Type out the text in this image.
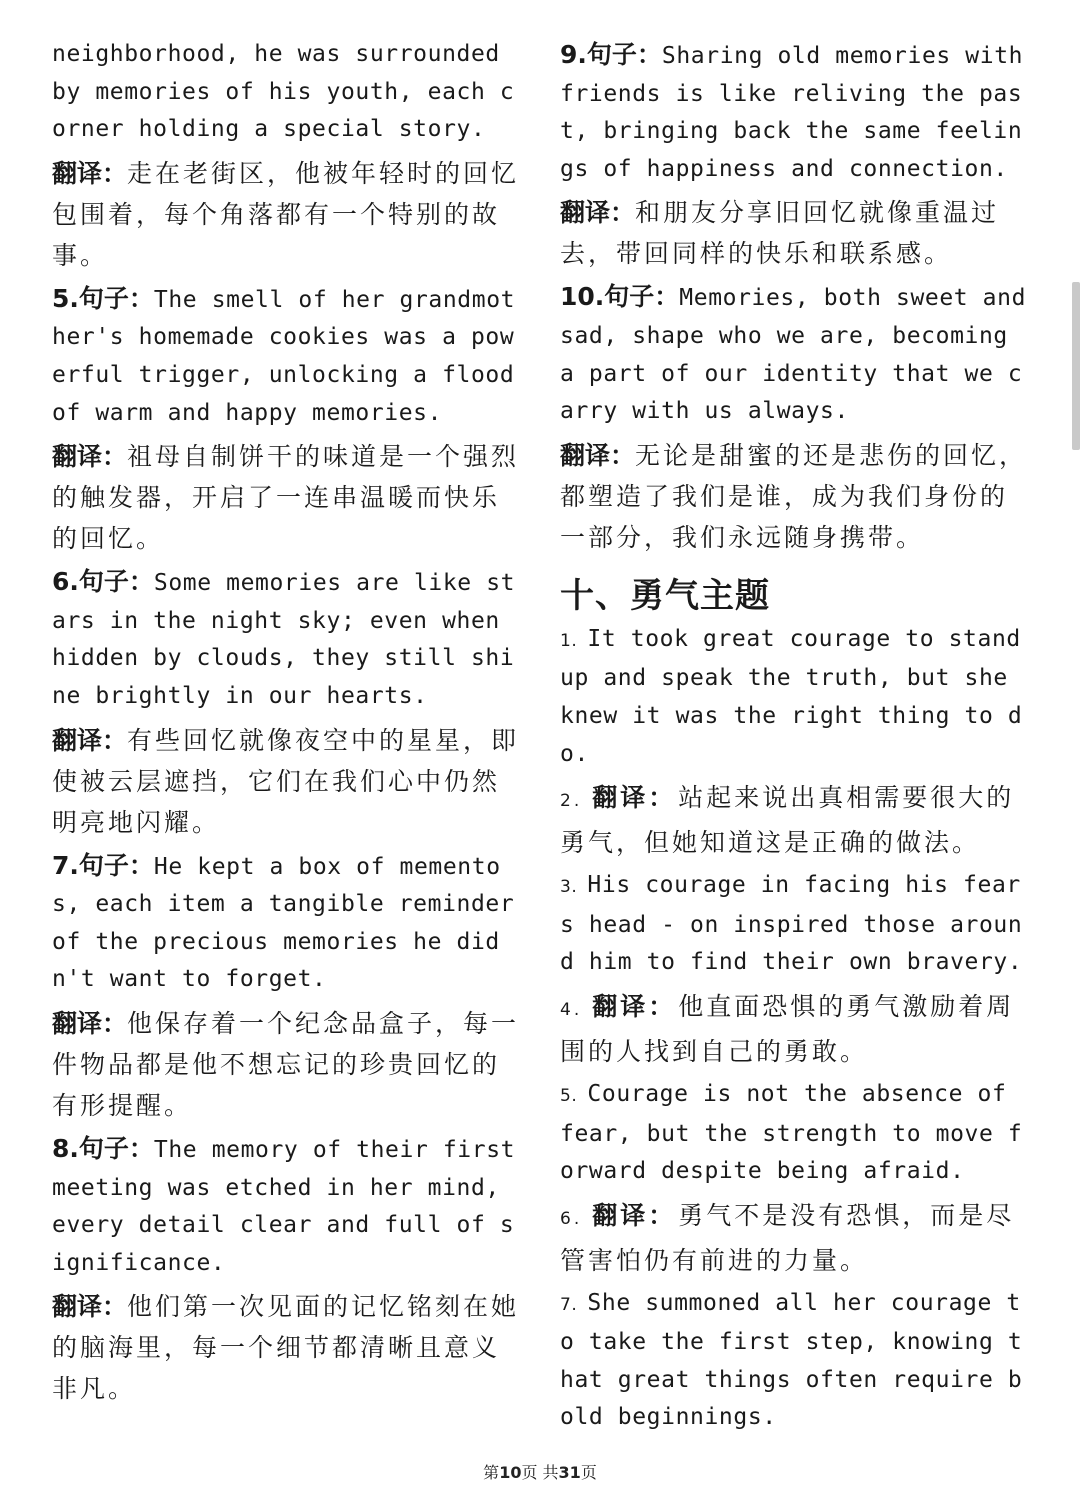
neighborhood, he was surrounded by memories of his youth, each corner holding a special story.

翻译：走在老街区，他被年轻时的回忆包围着，每个角落都有一个特别的故事。

5.句子：The smell of her grandmother's homemade cookies was a powerful trigger, unlocking a flood of warm and happy memories.

翻译：祖母自制饼干的味道是一个强烈的触发器，开启了一连串温暖而快乐的回忆。

6.句子：Some memories are like stars in the night sky; even when hidden by clouds, they still shine brightly in our hearts.

翻译：有些回忆就像夜空中的星星，即使被云层遮挡，它们在我们心中仍然明亮地闪耀。

7.句子：He kept a box of mementos, each item a tangible reminder of the precious memories he didn't want to forget.

翻译：他保存着一个纪念品盒子，每一件物品都是他不想忘记的珍贵回忆的有形提醒。

8.句子：The memory of their first meeting was etched in her mind, every detail clear and full of significance.

翻译：他们第一次见面的记忆铭刻在她的脑海里，每一个细节都清晰且意义非凡。

9.句子：Sharing old memories with friends is like reliving the past, bringing back the same feelings of happiness and connection.

翻译：和朋友分享旧回忆就像重温过去，带回同样的快乐和联系感。

10.句子：Memories, both sweet and sad, shape who we are, becoming a part of our identity that we carry with us always.

翻译：无论是甜蜜的还是悲伤的回忆，都塑造了我们是谁，成为我们身份的一部分，我们永远随身携带。

十、勇气主题

1. It took great courage to stand up and speak the truth, but she knew it was the right thing to do.

2. 翻译：站起来说出真相需要很大的勇气，但她知道这是正确的做法。

3. His courage in facing his fears head - on inspired those around him to find their own bravery.

4. 翻译：他直面恐惧的勇气激励着周围的人找到自己的勇敢。

5. Courage is not the absence of fear, but the strength to move forward despite being afraid.

6. 翻译：勇气不是没有恐惧，而是尽管害怕仍有前进的力量。

7. She summoned all her courage to take the first step, knowing that great things often require bold beginnings.

第10页 共31页
